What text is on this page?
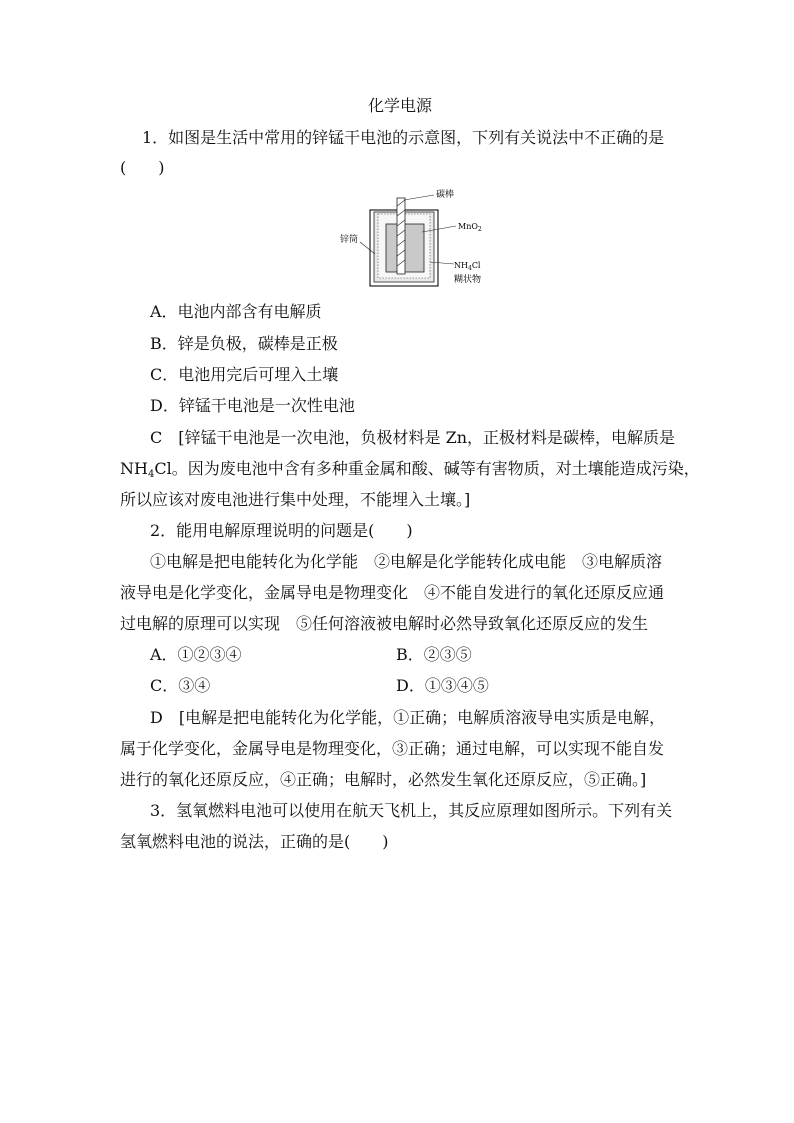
化学电源
1．如图是生活中常用的锌锰干电池的示意图，下列有关说法中不正确的是
(　　)
碳棒
MnO$_2$
锌筒
$NH_4Cl$
糊状物
A．电池内部含有电解质
B．锌是负极，碳棒是正极
C．电池用完后可埋入土壤
D．锌锰干电池是一次性电池
C　[锌锰干电池是一次电池，负极材料是 Zn，正极材料是碳棒，电解质是
$NH_4Cl$。因为废电池中含有多种重金属和酸、碱等有害物质，对土壤能造成污染，
所以应该对废电池进行集中处理，不能埋入土壤。]
2．能用电解原理说明的问题是(　　)
①电解是把电能转化为化学能　②电解是化学能转化成电能　③电解质溶
液导电是化学变化，金属导电是物理变化　④不能自发进行的氧化还原反应通
过电解的原理可以实现　⑤任何溶液被电解时必然导致氧化还原反应的发生
A．①②③④	B．②③⑤
C．③④	D．①③④⑤
D　[电解是把电能转化为化学能，①正确；电解质溶液导电实质是电解，
属于化学变化，金属导电是物理变化，③正确；通过电解，可以实现不能自发
进行的氧化还原反应，④正确；电解时，必然发生氧化还原反应，⑤正确。]
3．氢氧燃料电池可以使用在航天飞机上，其反应原理如图所示。下列有关
氢氧燃料电池的说法，正确的是(　　)
